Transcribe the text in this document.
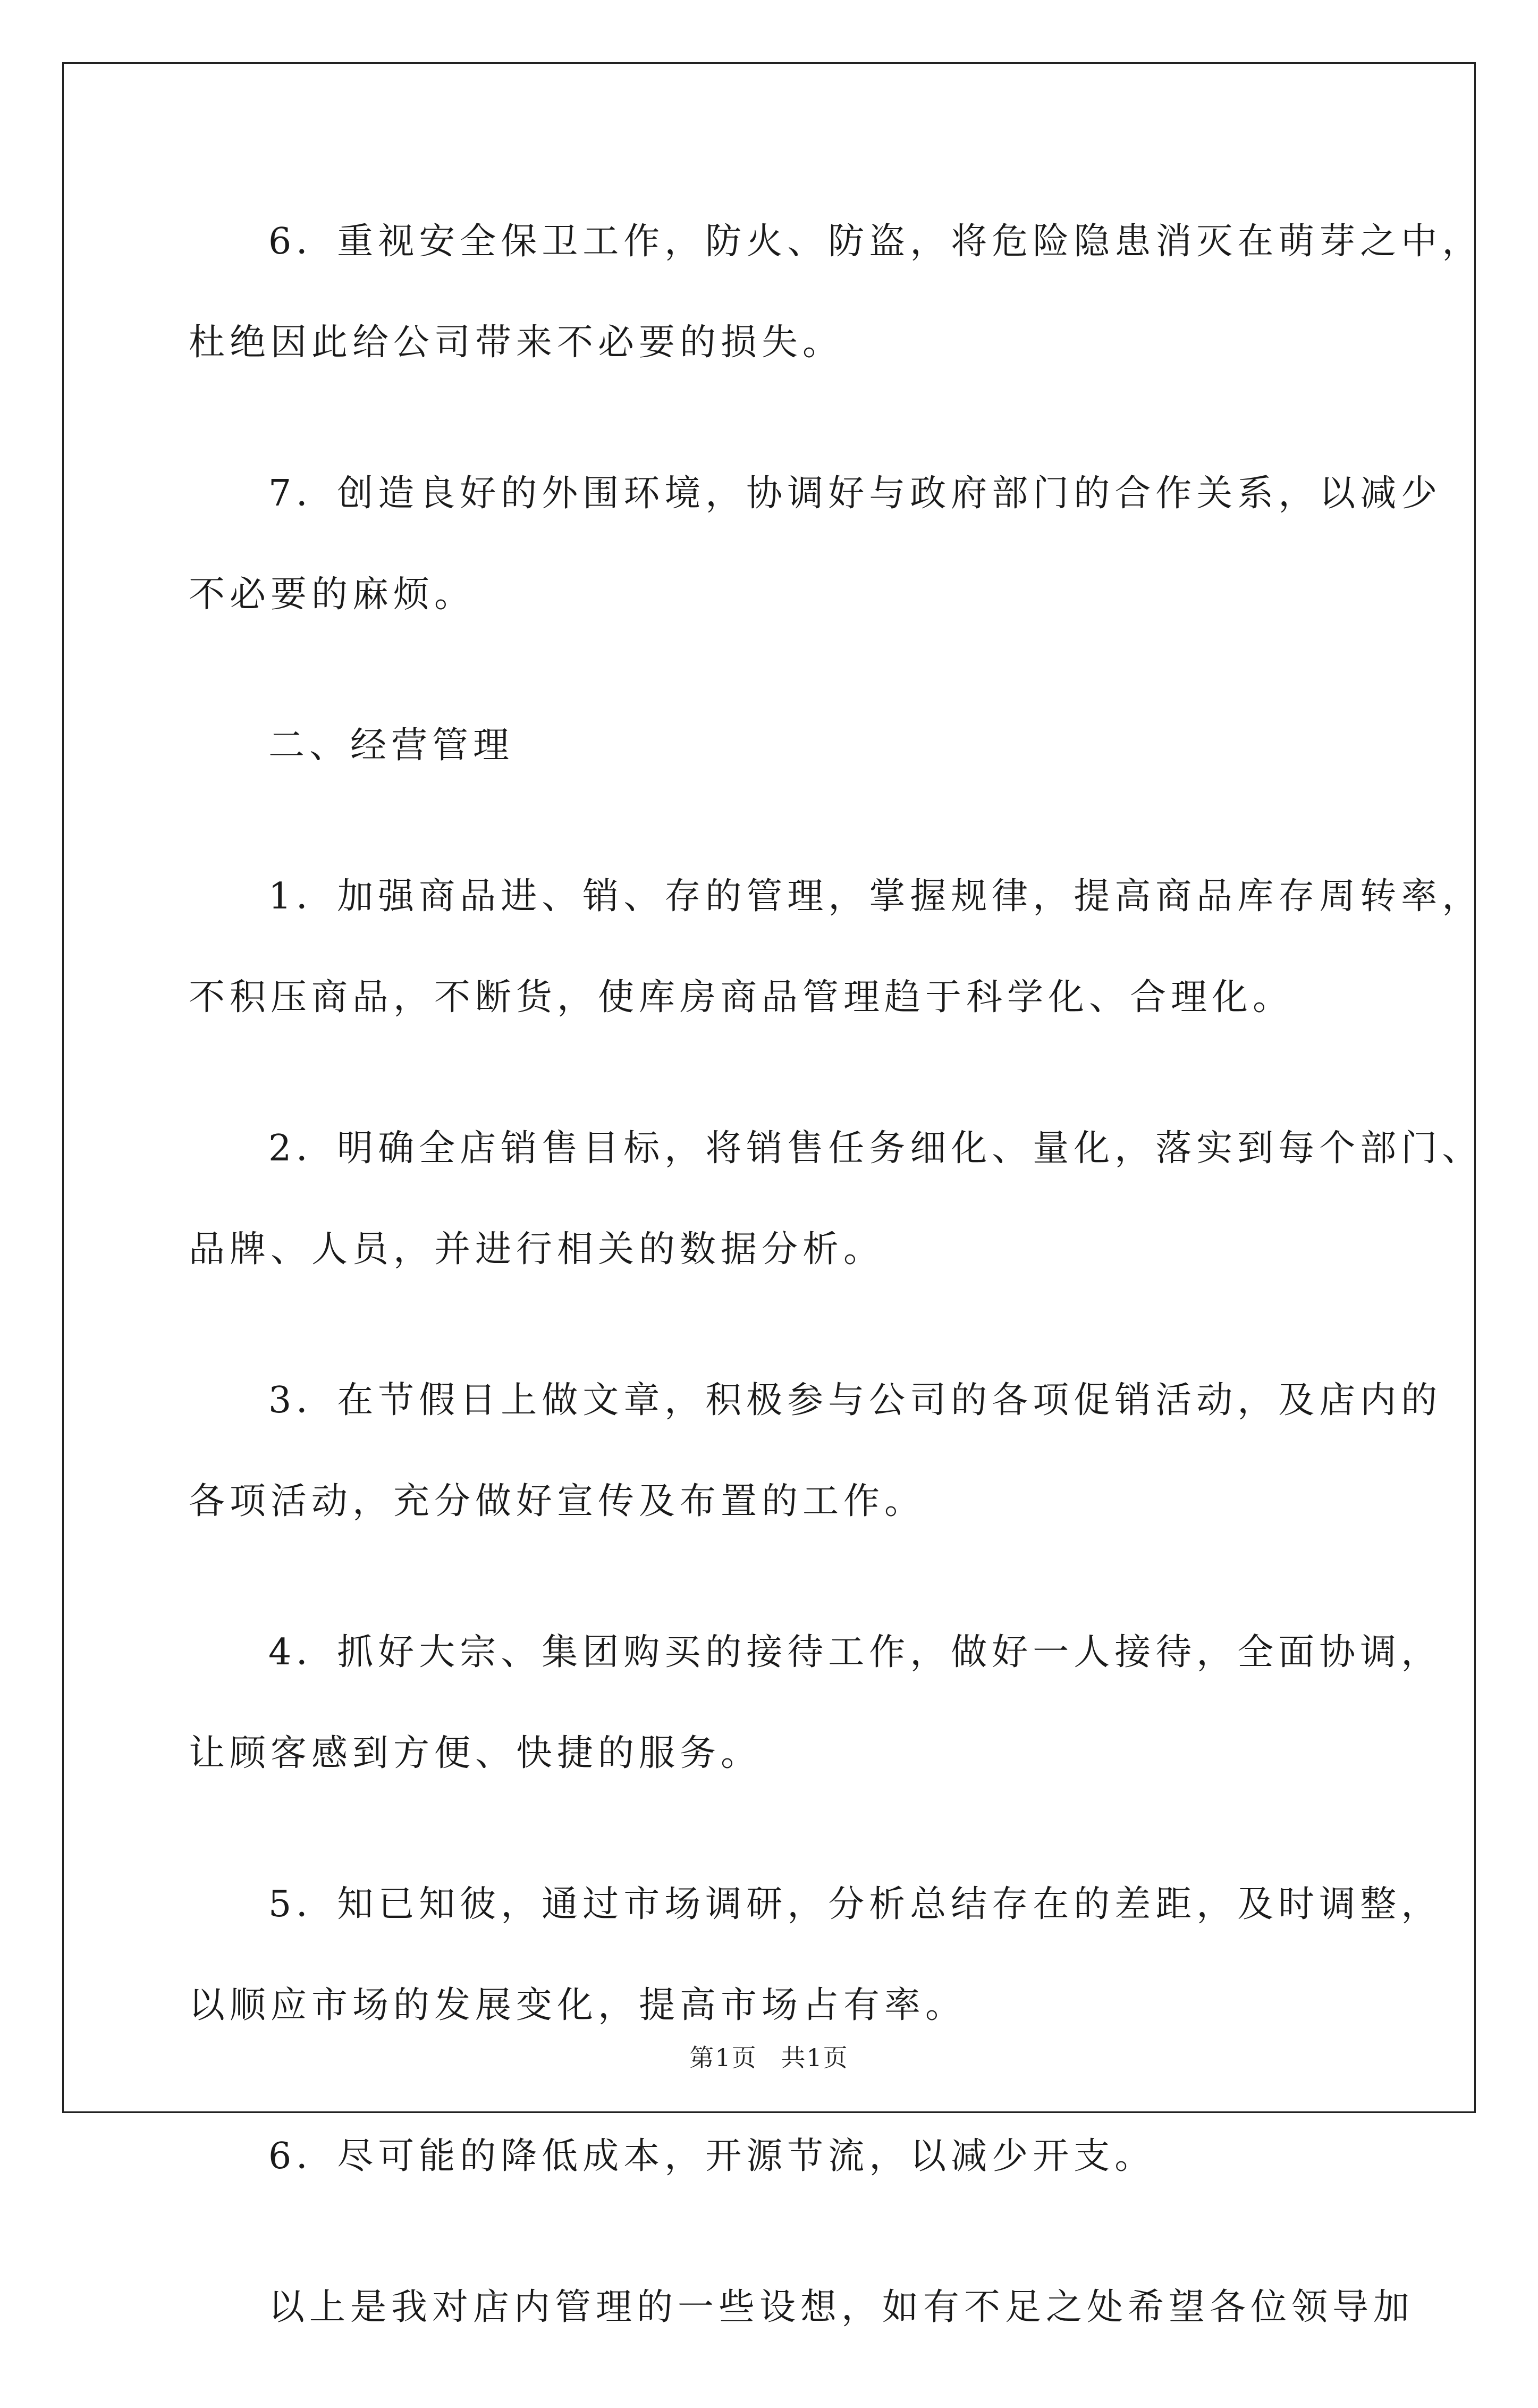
6．重视安全保卫工作，防火、防盗，将危险隐患消灭在萌芽之中，
杜绝因此给公司带来不必要的损失。

7．创造良好的外围环境，协调好与政府部门的合作关系，以减少
不必要的麻烦。

二、经营管理

1．加强商品进、销、存的管理，掌握规律，提高商品库存周转率，
不积压商品，不断货，使库房商品管理趋于科学化、合理化。

2．明确全店销售目标，将销售任务细化、量化，落实到每个部门、
品牌、人员，并进行相关的数据分析。

3．在节假日上做文章，积极参与公司的各项促销活动，及店内的
各项活动，充分做好宣传及布置的工作。

4．抓好大宗、集团购买的接待工作，做好一人接待，全面协调，
让顾客感到方便、快捷的服务。

5．知已知彼，通过市场调研，分析总结存在的差距，及时调整，
以顺应市场的发展变化，提高市场占有率。

6．尽可能的降低成本，开源节流，以减少开支。

以上是我对店内管理的一些设想，如有不足之处希望各位领导加

第1页 共1页
